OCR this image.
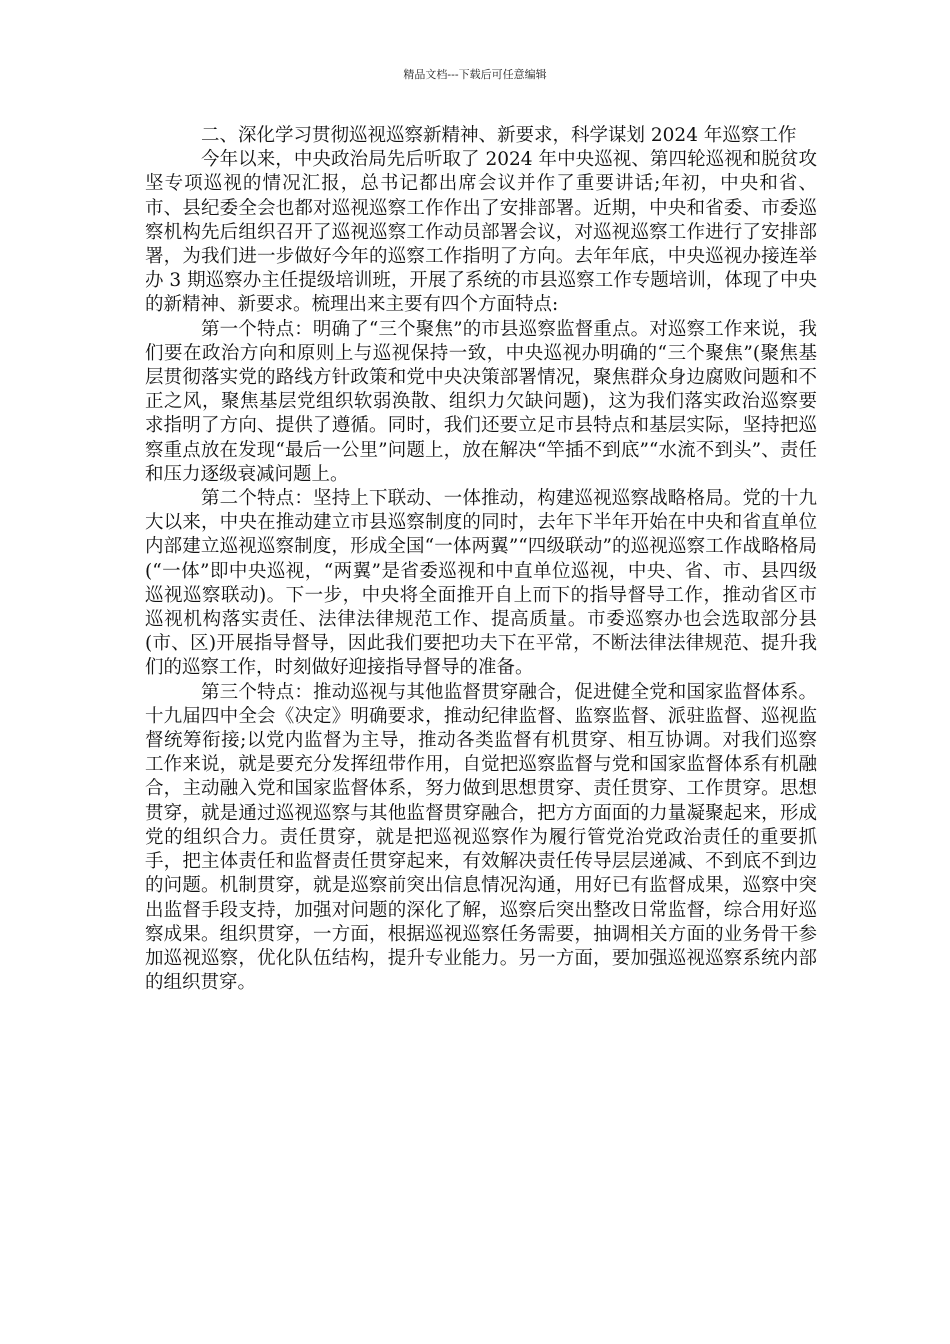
精品文档---下载后可任意编辑

二、深化学习贯彻巡视巡察新精神、新要求，科学谋划 2024 年巡察工作

今年以来，中央政治局先后听取了 2024 年中央巡视、第四轮巡视和脱贫攻坚专项巡视的情况汇报，总书记都出席会议并作了重要讲话;年初，中央和省、市、县纪委全会也都对巡视巡察工作作出了安排部署。近期，中央和省委、市委巡察机构先后组织召开了巡视巡察工作动员部署会议，对巡视巡察工作进行了安排部署，为我们进一步做好今年的巡察工作指明了方向。去年年底，中央巡视办接连举办 3 期巡察办主任提级培训班，开展了系统的市县巡察工作专题培训，体现了中央的新精神、新要求。梳理出来主要有四个方面特点:

第一个特点：明确了“三个聚焦”的市县巡察监督重点。对巡察工作来说，我们要在政治方向和原则上与巡视保持一致，中央巡视办明确的“三个聚焦”(聚焦基层贯彻落实党的路线方针政策和党中央决策部署情况，聚焦群众身边腐败问题和不正之风，聚焦基层党组织软弱涣散、组织力欠缺问题)，这为我们落实政治巡察要求指明了方向、提供了遵循。同时，我们还要立足市县特点和基层实际，坚持把巡察重点放在发现“最后一公里”问题上，放在解决“竿插不到底”“水流不到头”、责任和压力逐级衰减问题上。

第二个特点：坚持上下联动、一体推动，构建巡视巡察战略格局。党的十九大以来，中央在推动建立市县巡察制度的同时，去年下半年开始在中央和省直单位内部建立巡视巡察制度，形成全国“一体两翼”“四级联动”的巡视巡察工作战略格局(“一体”即中央巡视，“两翼”是省委巡视和中直单位巡视，中央、省、市、县四级巡视巡察联动)。下一步，中央将全面推开自上而下的指导督导工作，推动省区市巡视机构落实责任、法律法律规范工作、提高质量。市委巡察办也会选取部分县(市、区)开展指导督导，因此我们要把功夫下在平常，不断法律法律规范、提升我们的巡察工作，时刻做好迎接指导督导的准备。

第三个特点：推动巡视与其他监督贯穿融合，促进健全党和国家监督体系。十九届四中全会《决定》明确要求，推动纪律监督、监察监督、派驻监督、巡视监督统筹衔接;以党内监督为主导，推动各类监督有机贯穿、相互协调。对我们巡察工作来说，就是要充分发挥纽带作用，自觉把巡察监督与党和国家监督体系有机融合，主动融入党和国家监督体系，努力做到思想贯穿、责任贯穿、工作贯穿。思想贯穿，就是通过巡视巡察与其他监督贯穿融合，把方方面面的力量凝聚起来，形成党的组织合力。责任贯穿，就是把巡视巡察作为履行管党治党政治责任的重要抓手，把主体责任和监督责任贯穿起来，有效解决责任传导层层递减、不到底不到边的问题。机制贯穿，就是巡察前突出信息情况沟通，用好已有监督成果，巡察中突出监督手段支持，加强对问题的深化了解，巡察后突出整改日常监督，综合用好巡察成果。组织贯穿，一方面，根据巡视巡察任务需要，抽调相关方面的业务骨干参加巡视巡察，优化队伍结构，提升专业能力。另一方面，要加强巡视巡察系统内部的组织贯穿。
